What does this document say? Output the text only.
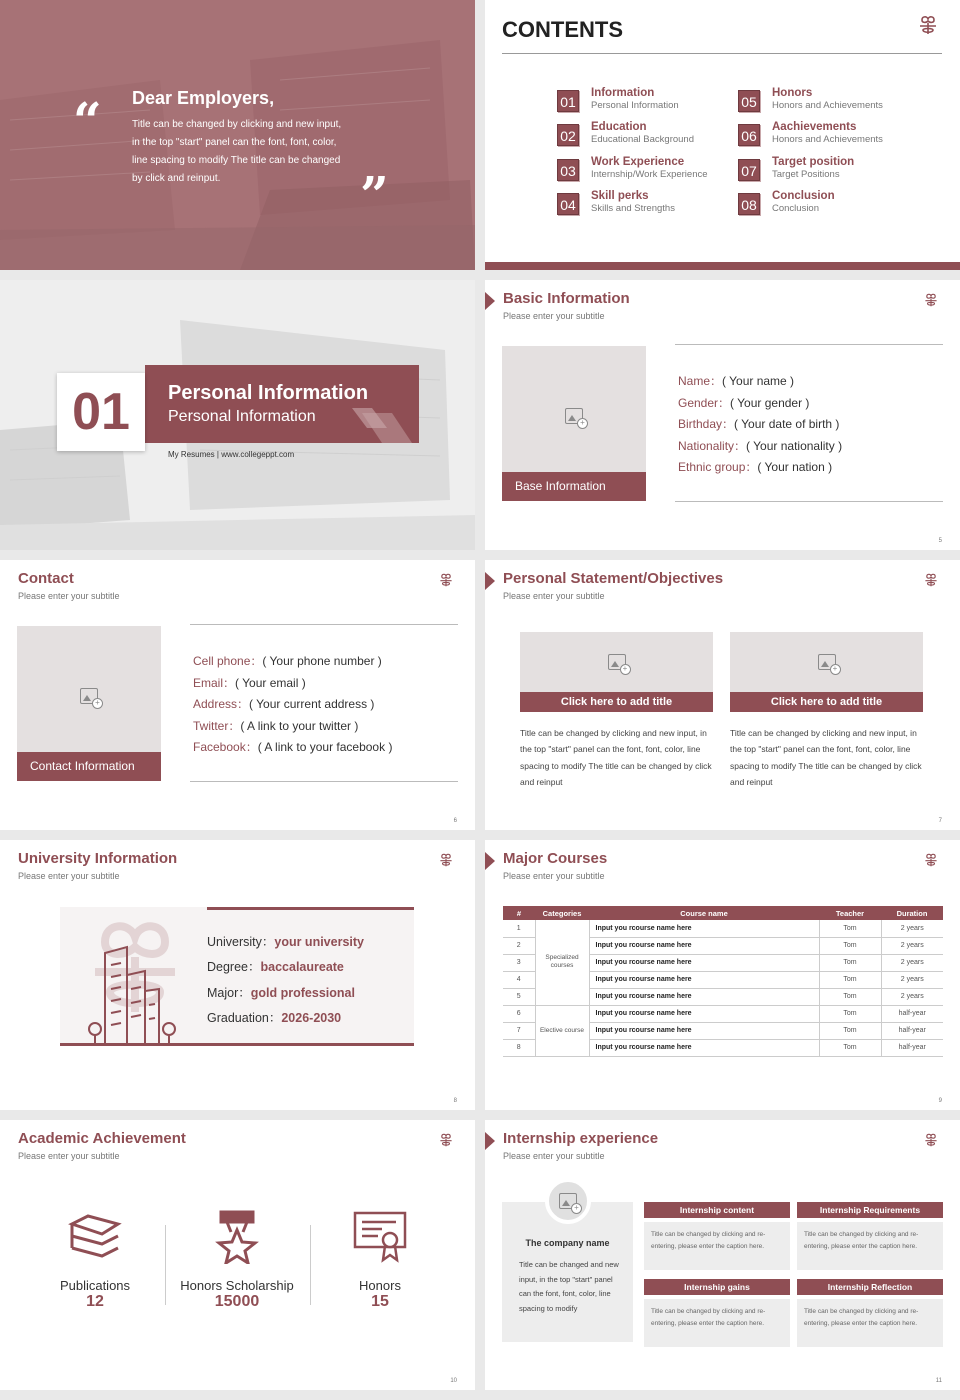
“ Dear Employers,
Title can be changed by clicking and new input, in the top "start" panel can the font, font, color, line spacing to modify The title can be changed by click and reinput.	”
CONTENTS
01
Information
Personal Information
02
Education
Educational Background
03
Work Experience
Internship/Work Experience
04
Skill perks
Skills and Strengths
05
Honors
Honors and Achievements
06
Aachievements
Honors and Achievements
07
Target position
Target Positions
08
Conclusion
Conclusion
01	Personal Information
Personal Information
My Resumes | www.collegeppt.com
Basic Information
Please enter your subtitle
+
Base Information
Name：( Your name )
Gender：( Your gender )
Birthday：( Your date of birth )
Nationality：( Your nationality )
Ethnic group：( Your nation )
5
Contact
Please enter your subtitle
+
Contact Information
Cell phone：( Your phone number )
Email：( Your email )
Address：( Your current address )
Twitter：( A link to your twitter )
Facebook：( A link to your facebook )
6
Personal Statement/Objectives
Please enter your subtitle
+
Click here to add title
Title can be changed by clicking and new input, in the top "start" panel can the font, font, color, line spacing to modify The title can be changed by click and reinput
+
Click here to add title
Title can be changed by clicking and new input, in the top "start" panel can the font, font, color, line spacing to modify The title can be changed by click and reinput
7
University Information
Please enter your subtitle
University：your university
Degree：baccalaureate
Major：gold professional
Graduation：2026-2030
8
Major Courses
Please enter your subtitle
#	Categories	Course name	Teacher	Duration
1	Specialized courses	Input you rcourse name here	Tom	2 years
2		Input you rcourse name here	Tom	2 years
3		Input you rcourse name here	Tom	2 years
4		Input you rcourse name here	Tom	2 years
5		Input you rcourse name here	Tom	2 years
6	Elective course	Input you rcourse name here	Tom	half-year
7		Input you rcourse name here	Tom	half-year
8		Input you rcourse name here	Tom	half-year
9
Academic Achievement
Please enter your subtitle
Publications
12
Honors Scholarship
15000
Honors
15
10
Internship experience
Please enter your subtitle
+
The company name
Title can be changed and new input, in the top "start" panel can the font, font, color, line spacing to modify
Internship content
Title can be changed by clicking and re-entering, please enter the caption here.
Internship Requirements
Title can be changed by clicking and re-entering, please enter the caption here.
Internship gains
Title can be changed by clicking and re-entering, please enter the caption here.
Internship Reflection
Title can be changed by clicking and re-entering, please enter the caption here.
11
